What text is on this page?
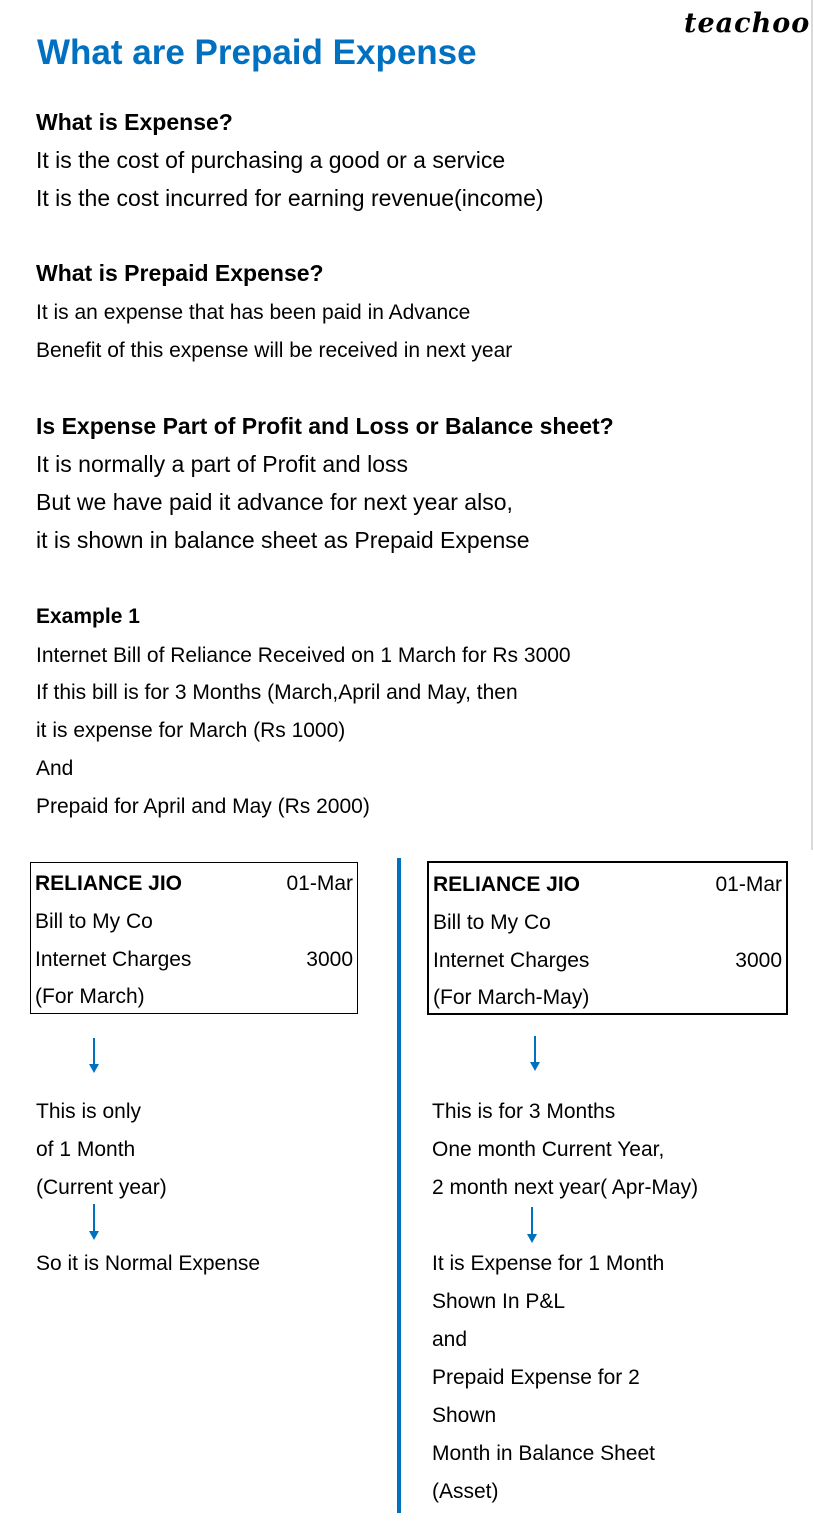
teachoo
What are Prepaid Expense
What is Expense?
It is the cost of purchasing a good or a service
It is the cost incurred for earning revenue(income)
What is Prepaid Expense?
It is an expense that has been paid in Advance
Benefit of this expense will be received in next year
Is Expense Part of Profit and Loss or Balance sheet?
It is normally a part of Profit and loss
But we have paid it advance for next year also,
it is shown in balance sheet as Prepaid Expense
Example 1
Internet Bill of Reliance Received on 1 March for Rs 3000
If this bill is for 3 Months (March,April and May, then
it is expense for March (Rs 1000)
And
Prepaid for April and May (Rs 2000)
RELIANCE JIO	01-Mar
Bill to My Co
Internet Charges	3000
(For March)
RELIANCE JIO	01-Mar
Bill to My Co
Internet Charges	3000
(For March-May)
This is only
of 1 Month
(Current year)
So it is Normal Expense
This is for 3 Months
One month Current Year,
2 month next year( Apr-May)
It is Expense for 1 Month
Shown In P&L
and
Prepaid Expense for 2
Shown
Month in Balance Sheet
(Asset)
